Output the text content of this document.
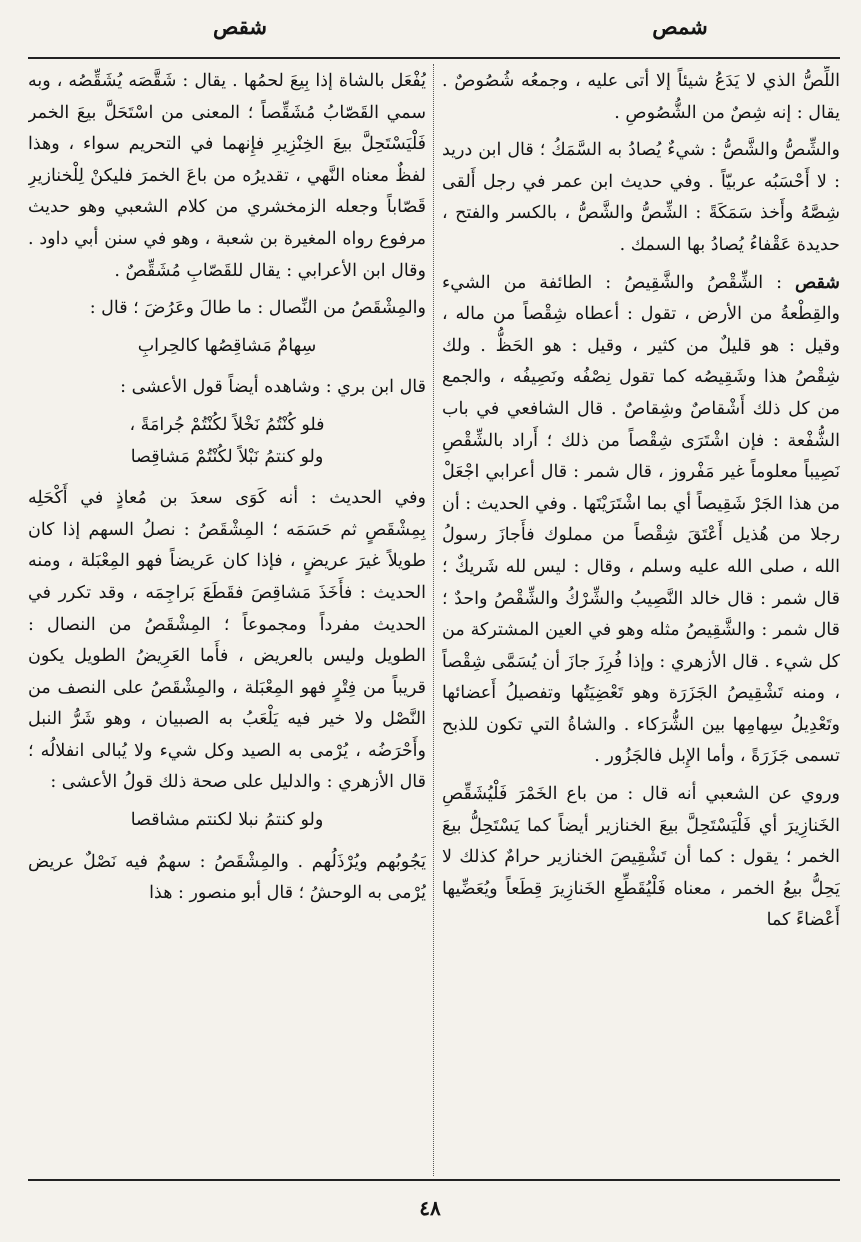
شمص
شقص

اللِّصُّ الذي لا يَدَعُ شيئاً إلا أتى عليه ، وجمعُه شُصُوصٌ . يقال : إنه شِصٌ من الشُّصُوصِ .

والشِّصُّ والشَّصُّ : شيءٌ يُصادُ به السَّمَكُ ؛ قال ابن دريد : لا أَحْسَبُه عربيّاً . وفي حديث ابن عمر في رجل أَلقى شِصَّهُ وأَخذ سَمَكَةً : الشِّصُّ والشَّصُّ ، بالكسر والفتح ، حديدة عَقْفاءُ يُصادُ بها السمك .

شقص : الشِّقْصُ والشَّقِيصُ : الطائفة من الشيء والقِطْعةُ من الأرض ، تقول : أعطاه شِقْصاً من ماله ، وقيل : هو قليلٌ من كثير ، وقيل : هو الحَظُّ . ولك شِقْصُ هذا وشَقِيصُه كما تقول نِصْفُه ونَصِيفُه ، والجمع من كل ذلك أَشْقاصٌ وشِقاصٌ . قال الشافعي في باب الشُّفْعة : فإن اشْتَرَى شِقْصاً من ذلك ؛ أَراد بالشِّقْصِ نَصِيباً معلوماً غير مَفْروز ، قال شمر : قال أعرابي اجْعَلْ من هذا الجَرْ شَقِيصاً أي بما اشْتَرَيْتَها . وفي الحديث : أن رجلا من هُذيل أَعْتَقَ شِقْصاً من مملوك فأَجازَ رسولُ الله ، صلى الله عليه وسلم ، وقال : ليس لله شَريكٌ ؛ قال شمر : قال خالد النَّصِيبُ والشِّرْكُ والشِّقْصُ واحدٌ ؛ قال شمر : والشَّقِيصُ مثله وهو في العين المشتركة من كل شيء . قال الأزهري : وإذا فُرِزَ جازَ أن يُسَمَّى شِقْصاً ، ومنه تَشْقِيصُ الجَزَرَة وهو تَعْضِيَتُها وتفصيلُ أَعضائها وتَعْدِيلُ سِهامِها بين الشُّرَكاء . والشاةُ التي تكون للذبح تسمى جَزَرَةً ، وأما الإِبل فالجَزُور .

وروي عن الشعبي أنه قال : من باع الخَمْرَ فَلْيُشَقِّصِ الخَنازِيرَ أي فَلْيَسْتَحِلَّ بيعَ الخنازير أيضاً كما يَسْتَحِلُّ بيعَ الخمر ؛ يقول : كما أن تَشْقِيصَ الخنازير حرامٌ كذلك لا يَحِلُّ بيعُ الخمر ، معناه فَلْيُقَطِّعِ الخَنازِيرَ قِطَعاً ويُعَضِّيها أَعْضاءً كما

يُفْعَل بالشاة إذا بِيعَ لحمُها . يقال : شَقَّصَه يُشَقِّصُه ، وبه سمي القَصّابُ مُشَقِّصاً ؛ المعنى من اسْتَحَلَّ بيعَ الخمر فَلْيَسْتَحِلَّ بيعَ الخِنْزِيرِ فإِنهما في التحريم سواء ، وهذا لفظٌ معناه النَّهي ، تقديرُه من باعَ الخمرَ فليكنْ لِلْخنازيرِ قَصّاباً وجعله الزمخشري من كلام الشعبي وهو حديث مرفوع رواه المغيرة بن شعبة ، وهو في سنن أبي داود . وقال ابن الأعرابي : يقال للقَصّابِ مُشَقِّصٌ .

والمِشْقَصُ من النِّصال : ما طالَ وعَرُضَ ؛ قال :

سِهامٌ مَشاقِصُها كالحِرابِ

قال ابن بري : وشاهده أيضاً قول الأعشى :

فلو كُنْتُمُ نَخْلاً لكُنْتُمْ جُرامَةً ،
ولو كنتمُ نَبْلاً لكُنْتُمْ مَشاقِصا

وفي الحديث : أنه كَوَى سعدَ بن مُعاذٍ في أَكْحَلِه بِمِشْقَصٍ ثم حَسَمَه ؛ المِشْقَصُ : نصلُ السهم إذا كان طويلاً غيرَ عريضٍ ، فإذا كان عَريضاً فهو المِعْبَلة ، ومنه الحديث : فأَخَذَ مَشاقِصَ فقَطَعَ بَراجِمَه ، وقد تكرر في الحديث مفرداً ومجموعاً ؛ المِشْقَصُ من النصال : الطويل وليس بالعريض ، فأَما العَرِيضُ الطويل يكون قريباً من فِتْرٍ فهو المِعْبَلة ، والمِشْقَصُ على النصف من النَّصْل ولا خير فيه يَلْعَبُ به الصبيان ، وهو شَرُّ النبل وأَحْرَضُه ، يُرْمى به الصيد وكل شيء ولا يُبالى انفلالُه ؛ قال الأزهري : والدليل على صحة ذلك قولُ الأعشى :

ولو كنتمُ نبلا لكنتم مشاقصا

يَجُوبُهم ويُرْذَلُهم . والمِشْقَصُ : سهمٌ فيه نَصْلٌ عريض يُرْمى به الوحشُ ؛ قال أبو منصور : هذا

٤٨
